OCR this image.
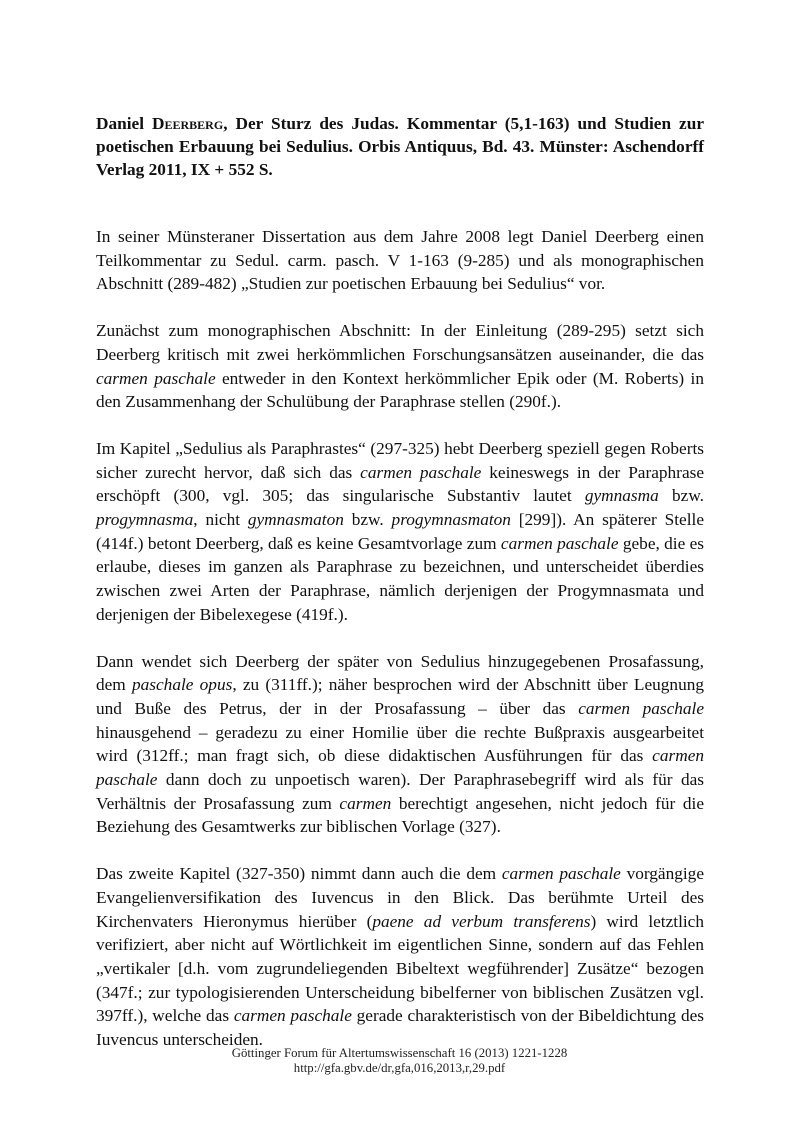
Daniel Deerberg, Der Sturz des Judas. Kommentar (5,1-163) und Studien zur poetischen Erbauung bei Sedulius. Orbis Antiquus, Bd. 43. Münster: Aschendorff Verlag 2011, IX + 552 S.

In seiner Münsteraner Dissertation aus dem Jahre 2008 legt Daniel Deerberg einen Teilkommentar zu Sedul. carm. pasch. V 1-163 (9-285) und als monographischen Abschnitt (289-482) „Studien zur poetischen Erbauung bei Sedulius“ vor.

Zunächst zum monographischen Abschnitt: In der Einleitung (289-295) setzt sich Deerberg kritisch mit zwei herkömmlichen Forschungsansätzen auseinander, die das carmen paschale entweder in den Kontext herkömmlicher Epik oder (M. Roberts) in den Zusammenhang der Schulübung der Paraphrase stellen (290f.).

Im Kapitel „Sedulius als Paraphrastes“ (297-325) hebt Deerberg speziell gegen Roberts sicher zurecht hervor, daß sich das carmen paschale keineswegs in der Paraphrase erschöpft (300, vgl. 305; das singularische Substantiv lautet gymnasma bzw. progymnasma, nicht gymnasmaton bzw. progymnasmaton [299]). An späterer Stelle (414f.) betont Deerberg, daß es keine Gesamtvorlage zum carmen paschale gebe, die es erlaube, dieses im ganzen als Paraphrase zu bezeichnen, und unterscheidet überdies zwischen zwei Arten der Paraphrase, nämlich derjenigen der Progymnasmata und derjenigen der Bibelexegese (419f.).

Dann wendet sich Deerberg der später von Sedulius hinzugegebenen Prosafassung, dem paschale opus, zu (311ff.); näher besprochen wird der Abschnitt über Leugnung und Buße des Petrus, der in der Prosafassung – über das carmen paschale hinausgehend – geradezu zu einer Homilie über die rechte Bußpraxis ausgearbeitet wird (312ff.; man fragt sich, ob diese didaktischen Ausführungen für das carmen paschale dann doch zu unpoetisch waren). Der Paraphrasebegriff wird als für das Verhältnis der Prosafassung zum carmen berechtigt angesehen, nicht jedoch für die Beziehung des Gesamtwerks zur biblischen Vorlage (327).

Das zweite Kapitel (327-350) nimmt dann auch die dem carmen paschale vorgängige Evangelienversifikation des Iuvencus in den Blick. Das berühmte Urteil des Kirchenvaters Hieronymus hierüber (paene ad verbum transferens) wird letztlich verifiziert, aber nicht auf Wörtlichkeit im eigentlichen Sinne, sondern auf das Fehlen „vertikaler [d.h. vom zugrundeliegenden Bibeltext wegführender] Zusätze“ bezogen (347f.; zur typologisierenden Unterscheidung bibelferner von biblischen Zusätzen vgl. 397ff.), welche das carmen paschale gerade charakteristisch von der Bibeldichtung des Iuvencus unterscheiden.

Göttinger Forum für Altertumswissenschaft 16 (2013) 1221-1228
http://gfa.gbv.de/dr,gfa,016,2013,r,29.pdf
